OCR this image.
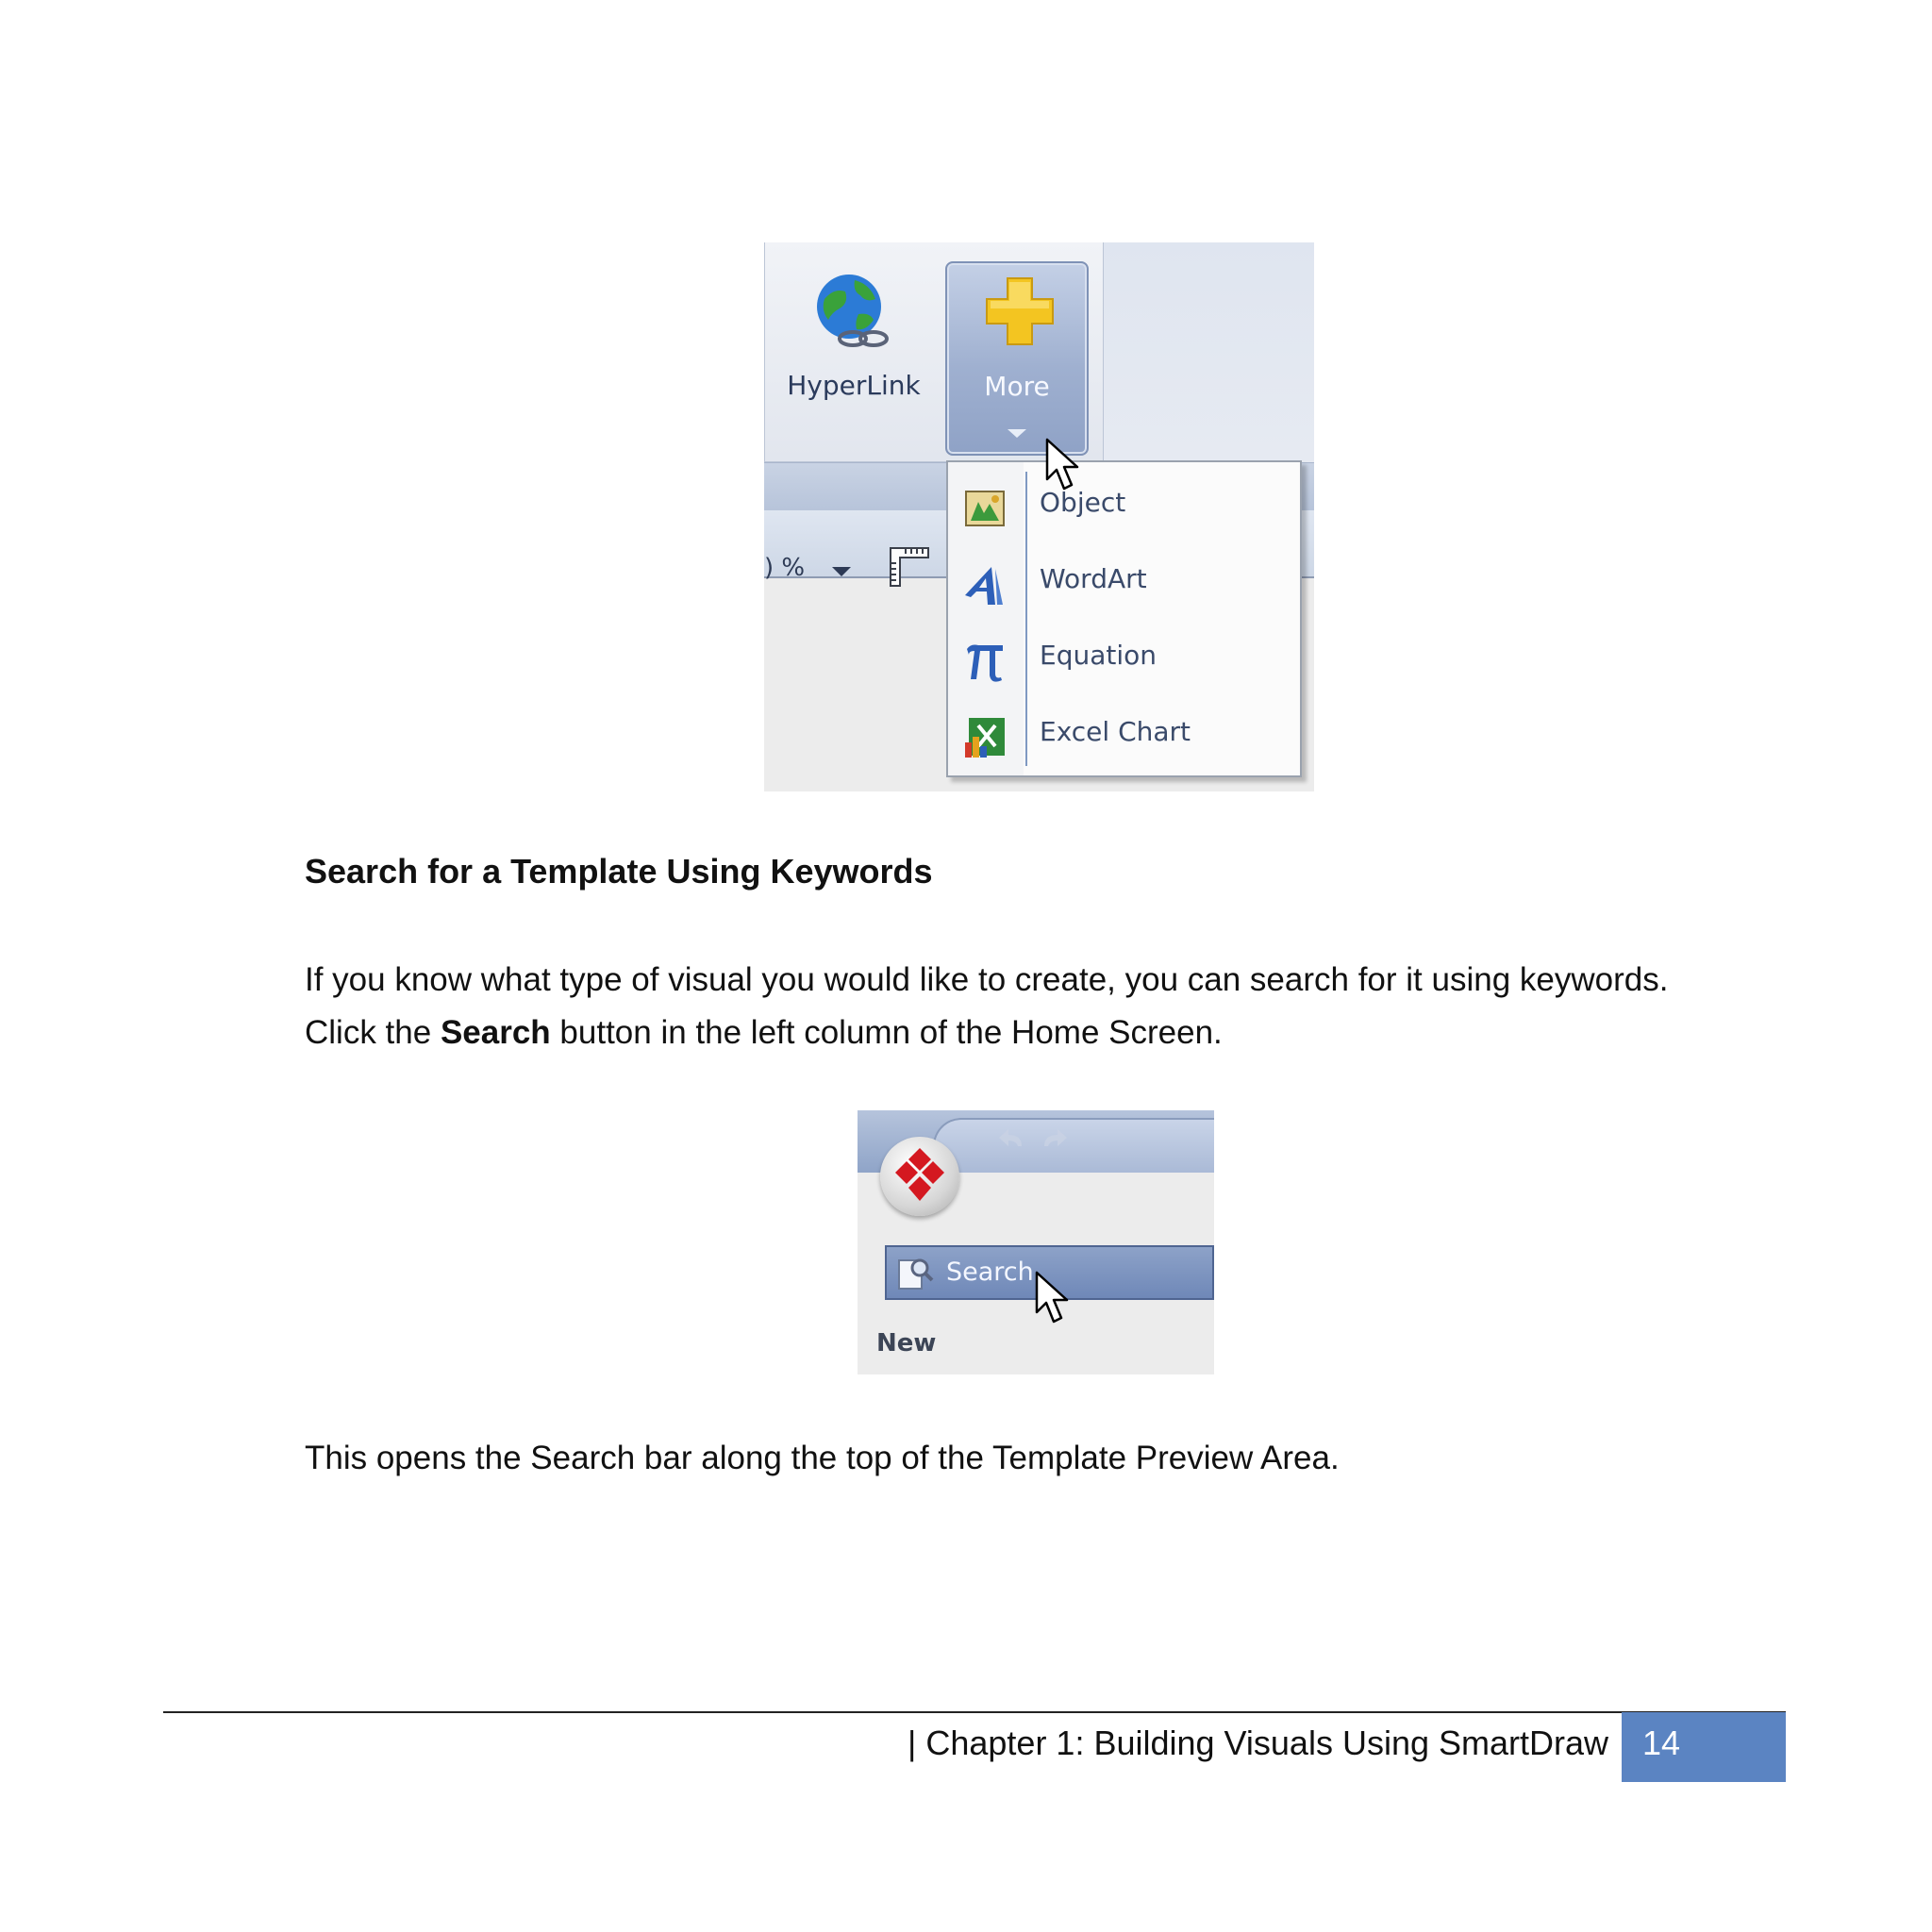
HyperLink	More
) %
Object
WordArt
Equation
Excel Chart
Search for a Template Using Keywords
If you know what type of visual you would like to create, you can search for it using keywords.
Click the Search button in the left column of the Home Screen.
Search
New
This opens the Search bar along the top of the Template Preview Area.
| Chapter 1: Building Visuals Using SmartDraw 14
